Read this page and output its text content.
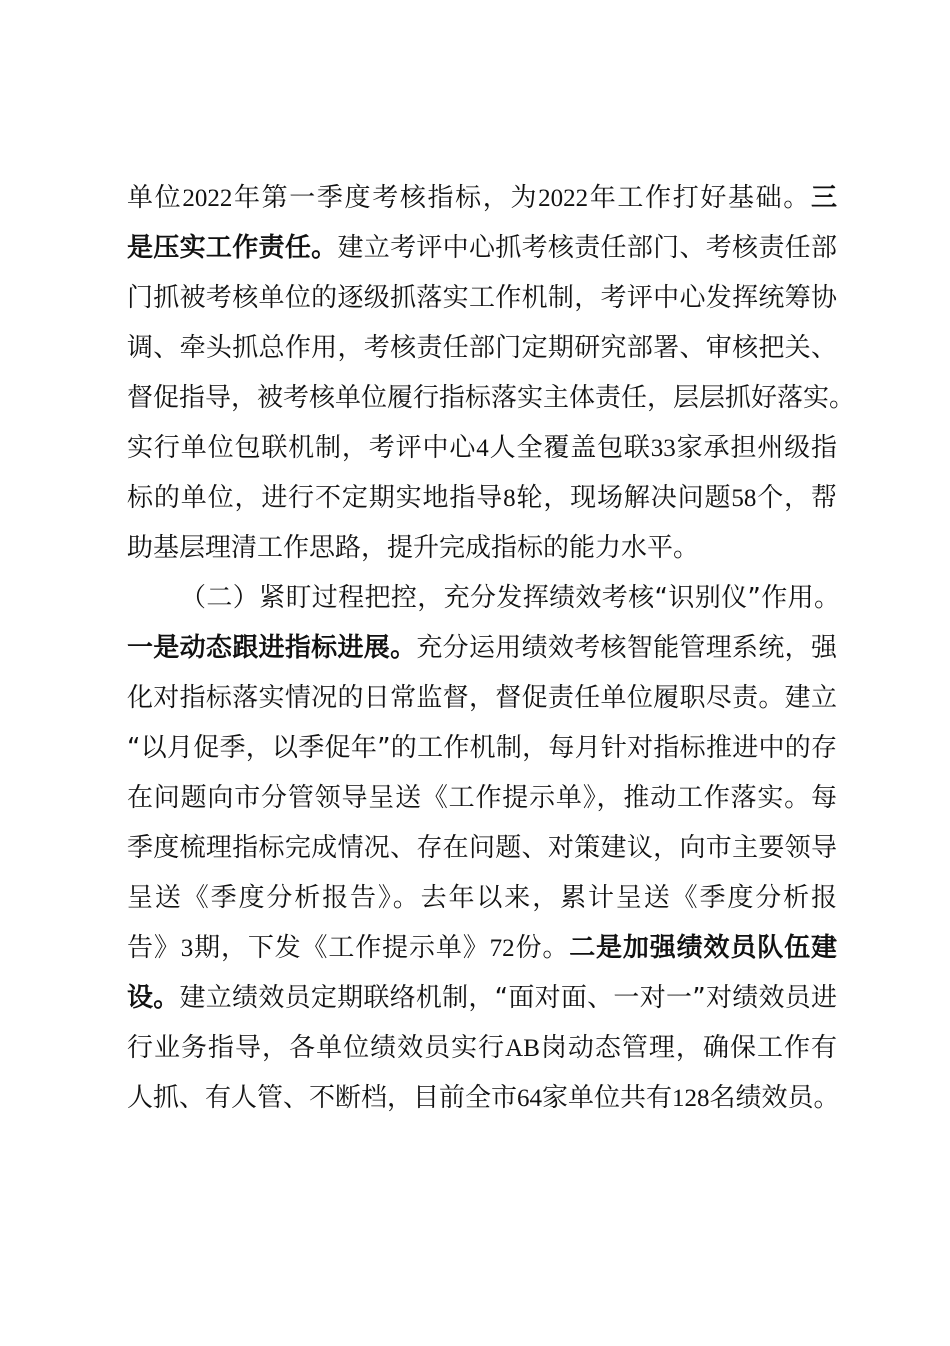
单位2022年第一季度考核指标，为2022年工作打好基础。三
是压实工作责任。建立考评中心抓考核责任部门、考核责任部
门抓被考核单位的逐级抓落实工作机制，考评中心发挥统筹协
调、牵头抓总作用，考核责任部门定期研究部署、审核把关、
督促指导，被考核单位履行指标落实主体责任，层层抓好落实。
实行单位包联机制，考评中心4人全覆盖包联33家承担州级指
标的单位，进行不定期实地指导8轮，现场解决问题58个，帮
助基层理清工作思路，提升完成指标的能力水平。
（二）紧盯过程把控，充分发挥绩效考核“识别仪”作用。
一是动态跟进指标进展。充分运用绩效考核智能管理系统，强
化对指标落实情况的日常监督，督促责任单位履职尽责。建立
“以月促季，以季促年”的工作机制，每月针对指标推进中的存
在问题向市分管领导呈送《工作提示单》，推动工作落实。每
季度梳理指标完成情况、存在问题、对策建议，向市主要领导
呈送《季度分析报告》。去年以来，累计呈送《季度分析报
告》3期，下发《工作提示单》72份。二是加强绩效员队伍建
设。建立绩效员定期联络机制，“面对面、一对一”对绩效员进
行业务指导，各单位绩效员实行AB岗动态管理，确保工作有
人抓、有人管、不断档，目前全市64家单位共有128名绩效员。
